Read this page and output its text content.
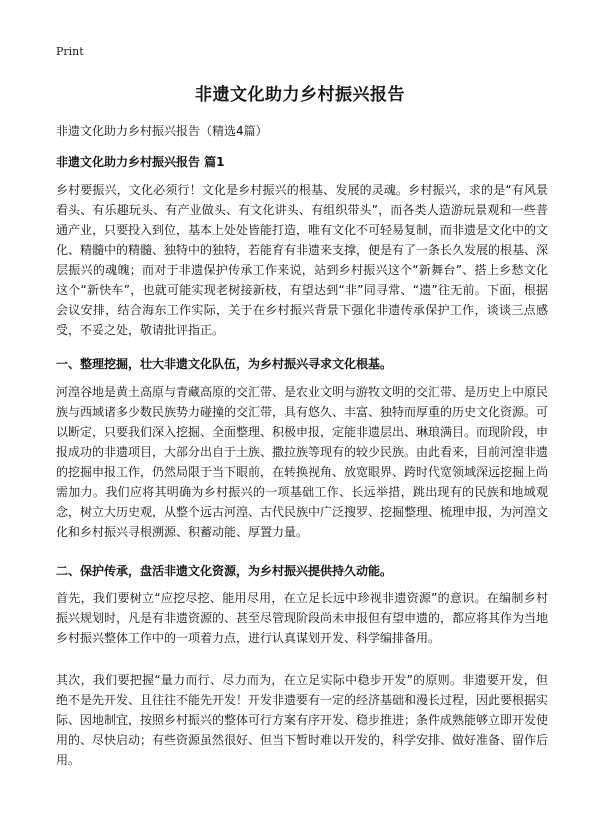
Print
非遗文化助力乡村振兴报告
非遗文化助力乡村振兴报告（精选4篇）
非遗文化助力乡村振兴报告 篇1

乡村要振兴，文化必须行！文化是乡村振兴的根基、发展的灵魂。乡村振兴，求的是“有风景看头、有乐趣玩头、有产业做头、有文化讲头、有组织带头”，而各类人造游玩景观和一些普通产业，只要投入到位，基本上处处皆能打造，唯有文化不可轻易复制，而非遗是文化中的文化、精髓中的精髓、独特中的独特，若能育有非遗来支撑，便是有了一条长久发展的根基、深层振兴的魂魄；而对于非遗保护传承工作来说，站到乡村振兴这个“新舞台”、搭上乡愁文化这个“新快车”，也就可能实现老树接新枝，有望达到“非”同寻常、“遗”往无前。下面，根据会议安排，结合海东工作实际，关于在乡村振兴背景下强化非遗传承保护工作，谈谈三点感受，不妥之处，敬请批评指正。

一、整理挖掘，壮大非遗文化队伍，为乡村振兴寻求文化根基。

河湟谷地是黄土高原与青藏高原的交汇带、是农业文明与游牧文明的交汇带、是历史上中原民族与西域诸多少数民族势力碰撞的交汇带，具有悠久、丰富、独特而厚重的历史文化资源。可以断定，只要我们深入挖掘、全面整理、积极申报，定能非遗层出、琳琅满目。而现阶段，申报成功的非遗项目，大部分出自于土族、撒拉族等现有的较少民族。由此看来，目前河湟非遗的挖掘申报工作，仍然局限于当下眼前，在转换视角、放宽眼界、跨时代宽领域深远挖掘上尚需加力。我们应将其明确为乡村振兴的一项基础工作、长远举措，跳出现有的民族和地域观念，树立大历史观，从整个远古河湟、古代民族中广泛搜罗、挖掘整理、梳理申报，为河湟文化和乡村振兴寻根溯源、积蓄动能、厚置力量。

二、保护传承，盘活非遗文化资源，为乡村振兴提供持久动能。

首先，我们要树立“应挖尽挖、能用尽用，在立足长远中珍视非遗资源”的意识。在编制乡村振兴规划时，凡是有非遗资源的、甚至尽管现阶段尚未申报但有望申遗的，都应将其作为当地乡村振兴整体工作中的一项着力点，进行认真谋划开发、科学编排备用。

其次，我们要把握“量力而行、尽力而为，在立足实际中稳步开发”的原则。非遗要开发，但绝不是先开发、且往往不能先开发！开发非遗要有一定的经济基础和漫长过程，因此要根据实际、因地制宜，按照乡村振兴的整体可行方案有序开发、稳步推进；条件成熟能够立即开发使用的、尽快启动；有些资源虽然很好、但当下暂时难以开发的，科学安排、做好准备、留作后用。
